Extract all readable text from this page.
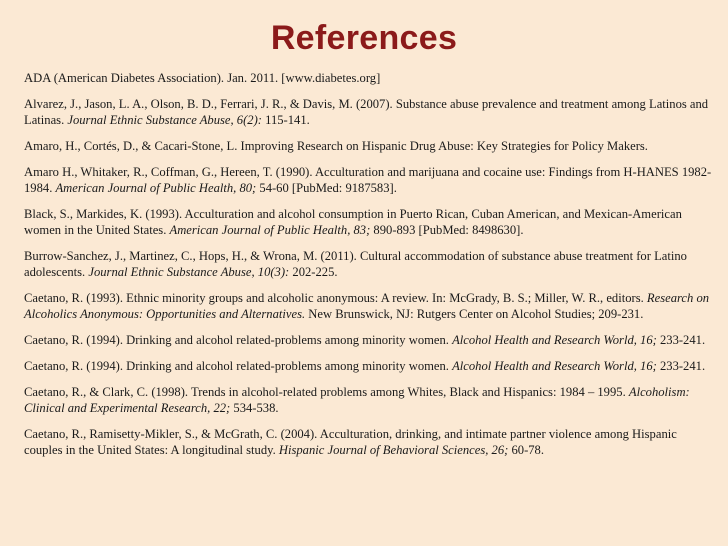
References

ADA (American Diabetes Association). Jan. 2011. [www.diabetes.org]

Alvarez, J., Jason, L. A., Olson, B. D., Ferrari, J. R., & Davis, M. (2007). Substance abuse prevalence and treatment among Latinos and Latinas. Journal Ethnic Substance Abuse, 6(2): 115-141.

Amaro, H., Cortés, D., & Cacari-Stone, L. Improving Research on Hispanic Drug Abuse: Key Strategies for Policy Makers.

Amaro H., Whitaker, R., Coffman, G., Hereen, T. (1990). Acculturation and marijuana and cocaine use: Findings from H-HANES 1982-1984. American Journal of Public Health, 80; 54-60 [PubMed: 9187583].

Black, S., Markides, K. (1993). Acculturation and alcohol consumption in Puerto Rican, Cuban American, and Mexican-American women in the United States. American Journal of Public Health, 83; 890-893 [PubMed: 8498630].

Burrow-Sanchez, J., Martinez, C., Hops, H., & Wrona, M. (2011). Cultural accommodation of substance abuse treatment for Latino adolescents. Journal Ethnic Substance Abuse, 10(3): 202-225.

Caetano, R. (1993). Ethnic minority groups and alcoholic anonymous: A review. In: McGrady, B. S.; Miller, W. R., editors. Research on Alcoholics Anonymous: Opportunities and Alternatives. New Brunswick, NJ: Rutgers Center on Alcohol Studies; 209-231.

Caetano, R. (1994). Drinking and alcohol related-problems among minority women. Alcohol Health and Research World, 16; 233-241.

Caetano, R. (1994). Drinking and alcohol related-problems among minority women. Alcohol Health and Research World, 16; 233-241.

Caetano, R., & Clark, C. (1998). Trends in alcohol-related problems among Whites, Black and Hispanics: 1984 – 1995. Alcoholism: Clinical and Experimental Research, 22; 534-538.

Caetano, R., Ramisetty-Mikler, S., & McGrath, C. (2004). Acculturation, drinking, and intimate partner violence among Hispanic couples in the United States: A longitudinal study. Hispanic Journal of Behavioral Sciences, 26; 60-78.
